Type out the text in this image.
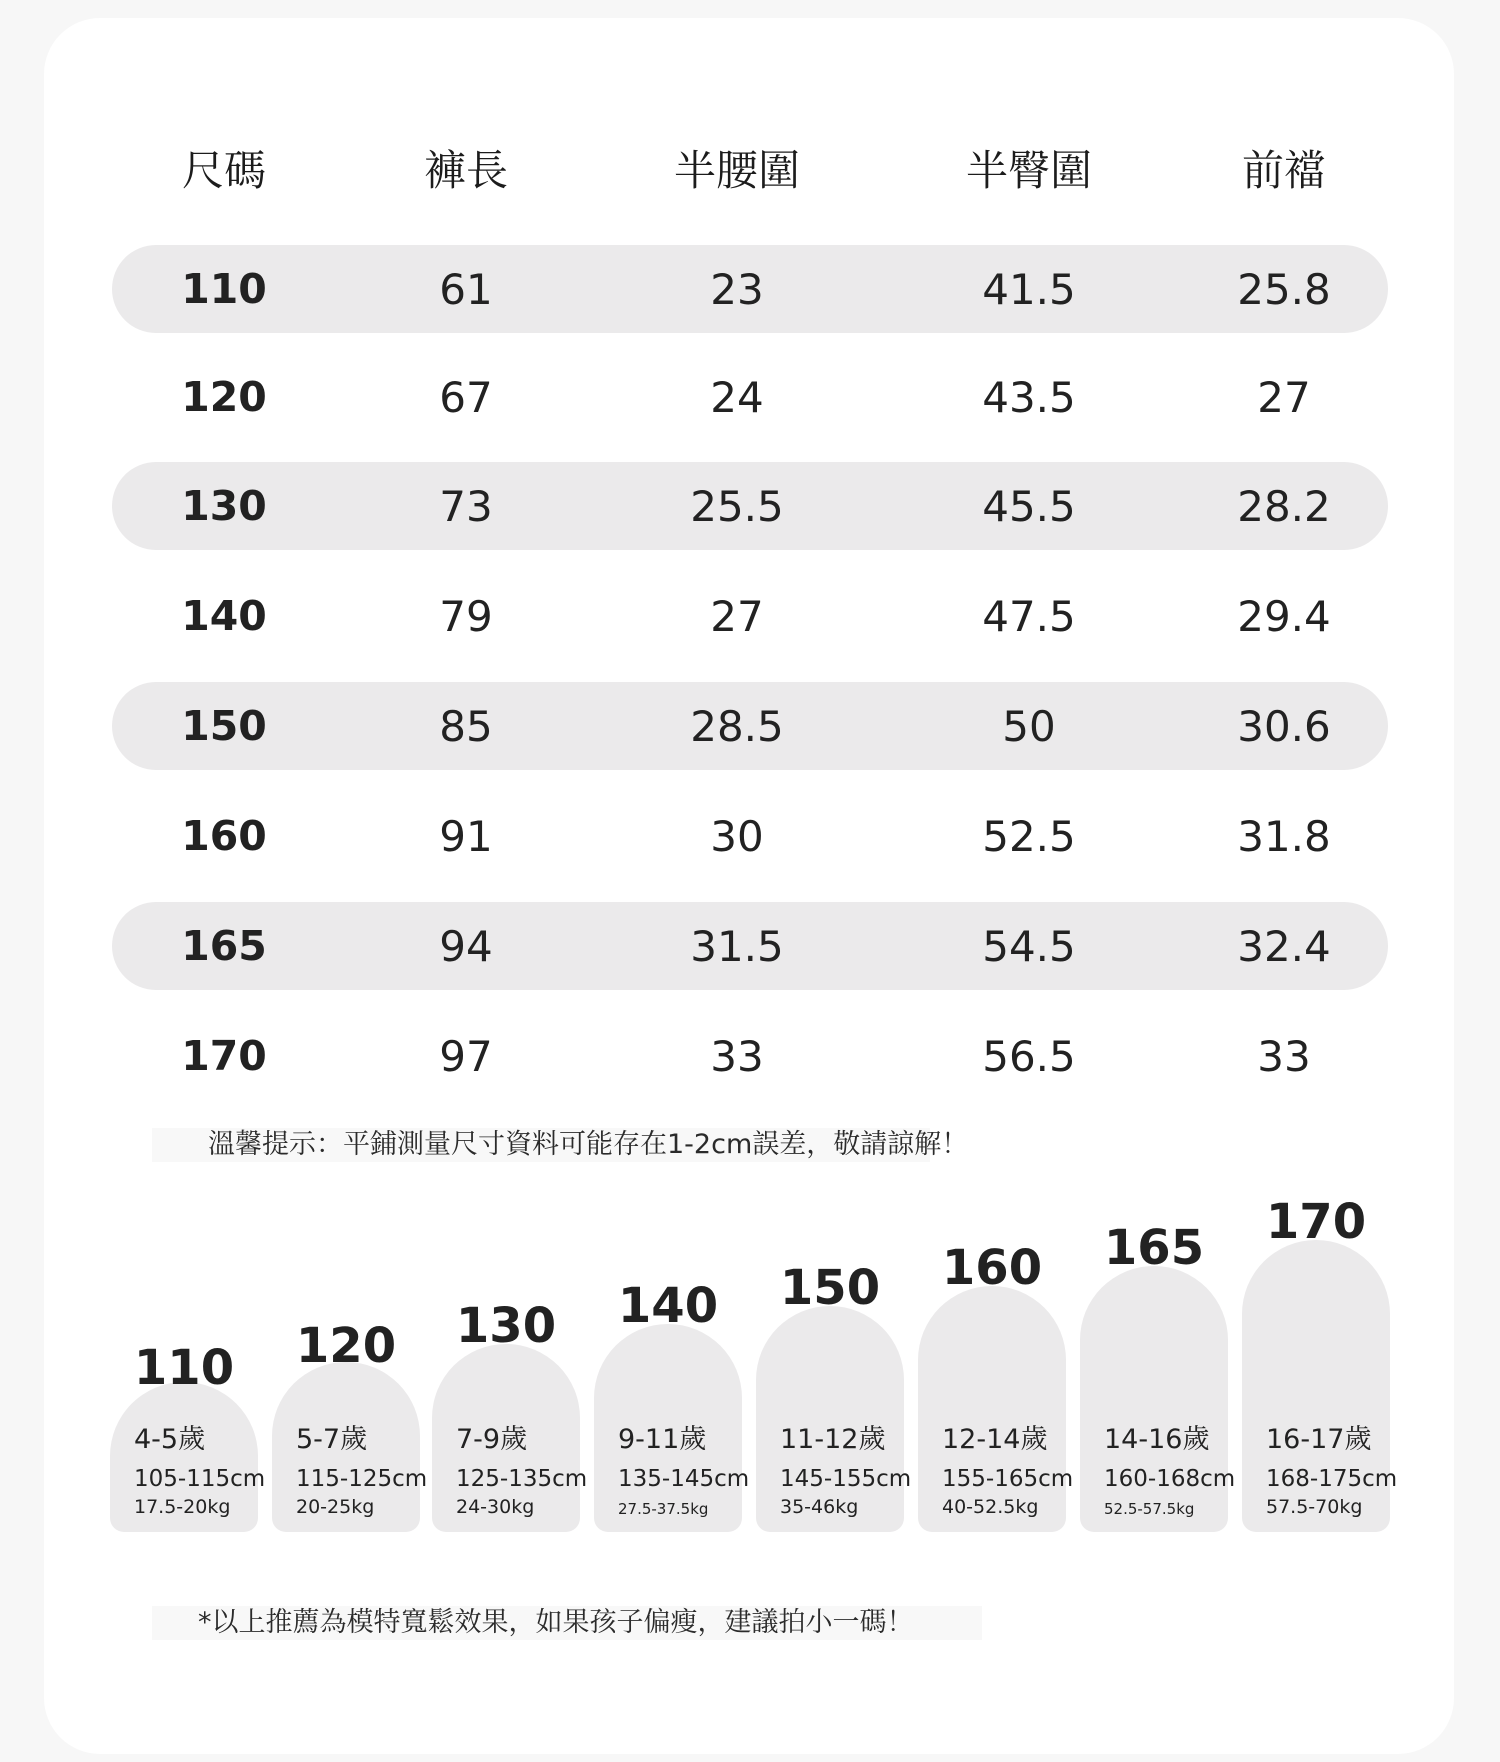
尺碼	褲長	半腰圍	半臀圍	前襠
110	61	23	41.5	25.8
120	67	24	43.5	27
130	73	25.5	45.5	28.2
140	79	27	47.5	29.4
150	85	28.5	50	30.6
160	91	30	52.5	31.8
165	94	31.5	54.5	32.4
170	97	33	56.5	33
溫馨提示：平鋪測量尺寸資料可能存在1-2cm誤差，敬請諒解！
4-5歲
105-115cm
17.5-20kg
110
5-7歲
115-125cm
20-25kg
120
7-9歲
125-135cm
24-30kg
130
9-11歲
135-145cm
27.5-37.5kg
140
11-12歲
145-155cm
35-46kg
150
12-14歲
155-165cm
40-52.5kg
160
14-16歲
160-168cm
52.5-57.5kg
165
16-17歲
168-175cm
57.5-70kg
170
*以上推薦為模特寬鬆效果，如果孩子偏瘦，建議拍小一碼！
